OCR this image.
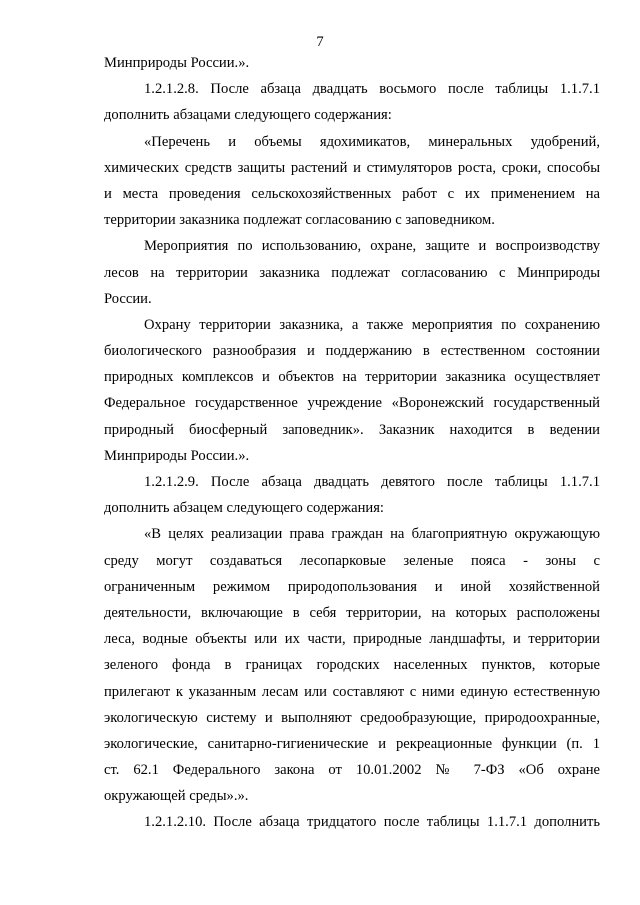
7
Минприроды России.».
1.2.1.2.8. После абзаца двадцать восьмого после таблицы 1.1.7.1
дополнить абзацами следующего содержания:
«Перечень и объемы ядохимикатов, минеральных удобрений,
химических средств защиты растений и стимуляторов роста, сроки, способы
и места проведения сельскохозяйственных работ с их применением на
территории заказника подлежат согласованию с заповедником.
Мероприятия по использованию, охране, защите и воспроизводству
лесов на территории заказника подлежат согласованию с Минприроды
России.
Охрану территории заказника, а также мероприятия по сохранению
биологического разнообразия и поддержанию в естественном состоянии
природных комплексов и объектов на территории заказника осуществляет
Федеральное государственное учреждение «Воронежский государственный
природный биосферный заповедник». Заказник находится в ведении
Минприроды России.».
1.2.1.2.9. После абзаца двадцать девятого после таблицы 1.1.7.1
дополнить абзацем следующего содержания:
«В целях реализации права граждан на благоприятную окружающую
среду могут создаваться лесопарковые зеленые пояса - зоны с
ограниченным режимом природопользования и иной хозяйственной
деятельности, включающие в себя территории, на которых расположены
леса, водные объекты или их части, природные ландшафты, и территории
зеленого фонда в границах городских населенных пунктов, которые
прилегают к указанным лесам или составляют с ними единую естественную
экологическую систему и выполняют средообразующие, природоохранные,
экологические, санитарно-гигиенические и рекреационные функции (п. 1
ст. 62.1 Федерального закона от 10.01.2002 № 7-ФЗ «Об охране
окружающей среды».».
1.2.1.2.10. После абзаца тридцатого после таблицы 1.1.7.1 дополнить
